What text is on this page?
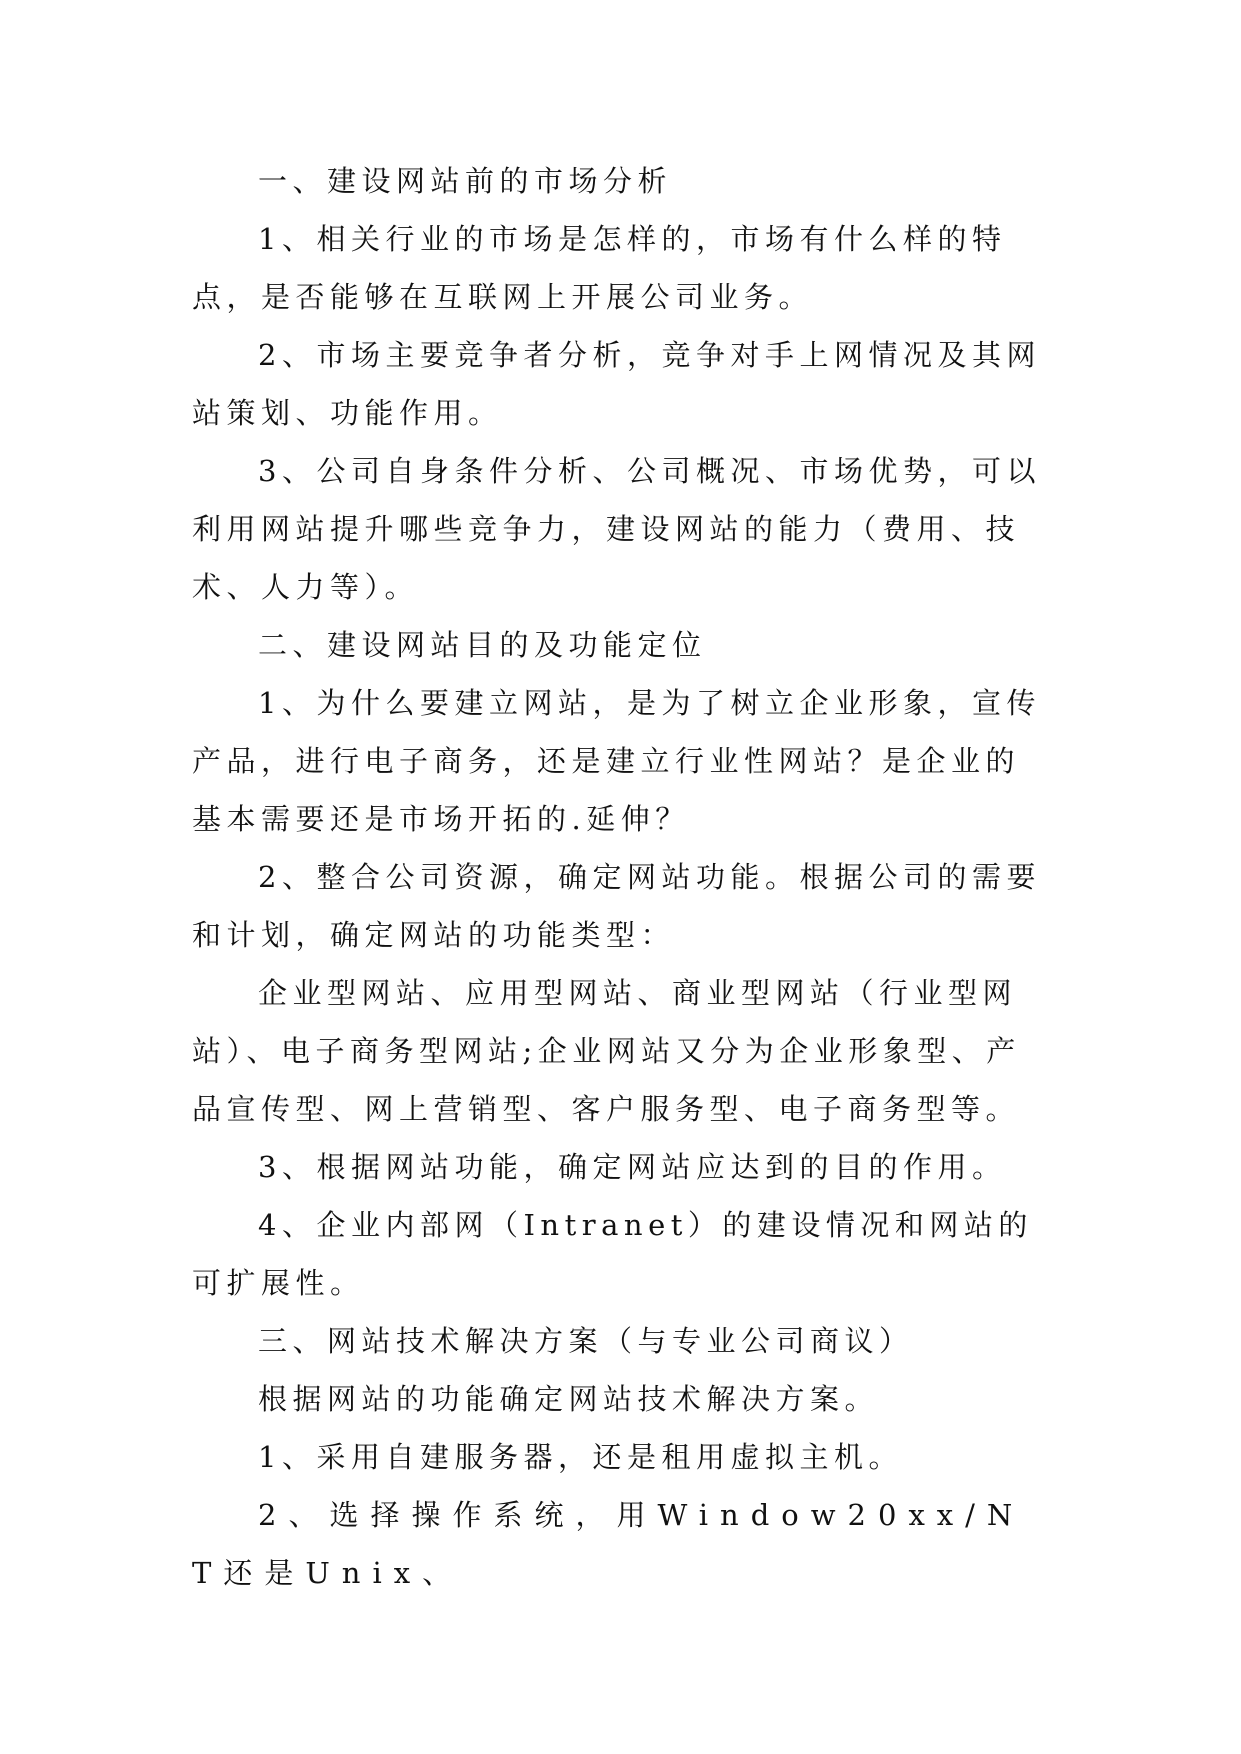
一、建设网站前的市场分析

1、相关行业的市场是怎样的，市场有什么样的特点，是否能够在互联网上开展公司业务。

2、市场主要竞争者分析，竞争对手上网情况及其网站策划、功能作用。

3、公司自身条件分析、公司概况、市场优势，可以利用网站提升哪些竞争力，建设网站的能力（费用、技术、人力等）。

二、建设网站目的及功能定位

1、为什么要建立网站，是为了树立企业形象，宣传产品，进行电子商务，还是建立行业性网站？是企业的基本需要还是市场开拓的.延伸？

2、整合公司资源，确定网站功能。根据公司的需要和计划，确定网站的功能类型：

企业型网站、应用型网站、商业型网站（行业型网站）、电子商务型网站;企业网站又分为企业形象型、产品宣传型、网上营销型、客户服务型、电子商务型等。

3、根据网站功能，确定网站应达到的目的作用。

4、企业内部网（Intranet）的建设情况和网站的可扩展性。

三、网站技术解决方案（与专业公司商议）

根据网站的功能确定网站技术解决方案。

1、采用自建服务器，还是租用虚拟主机。

2、选择操作系统，用Window20xx/NT还是Unix、
